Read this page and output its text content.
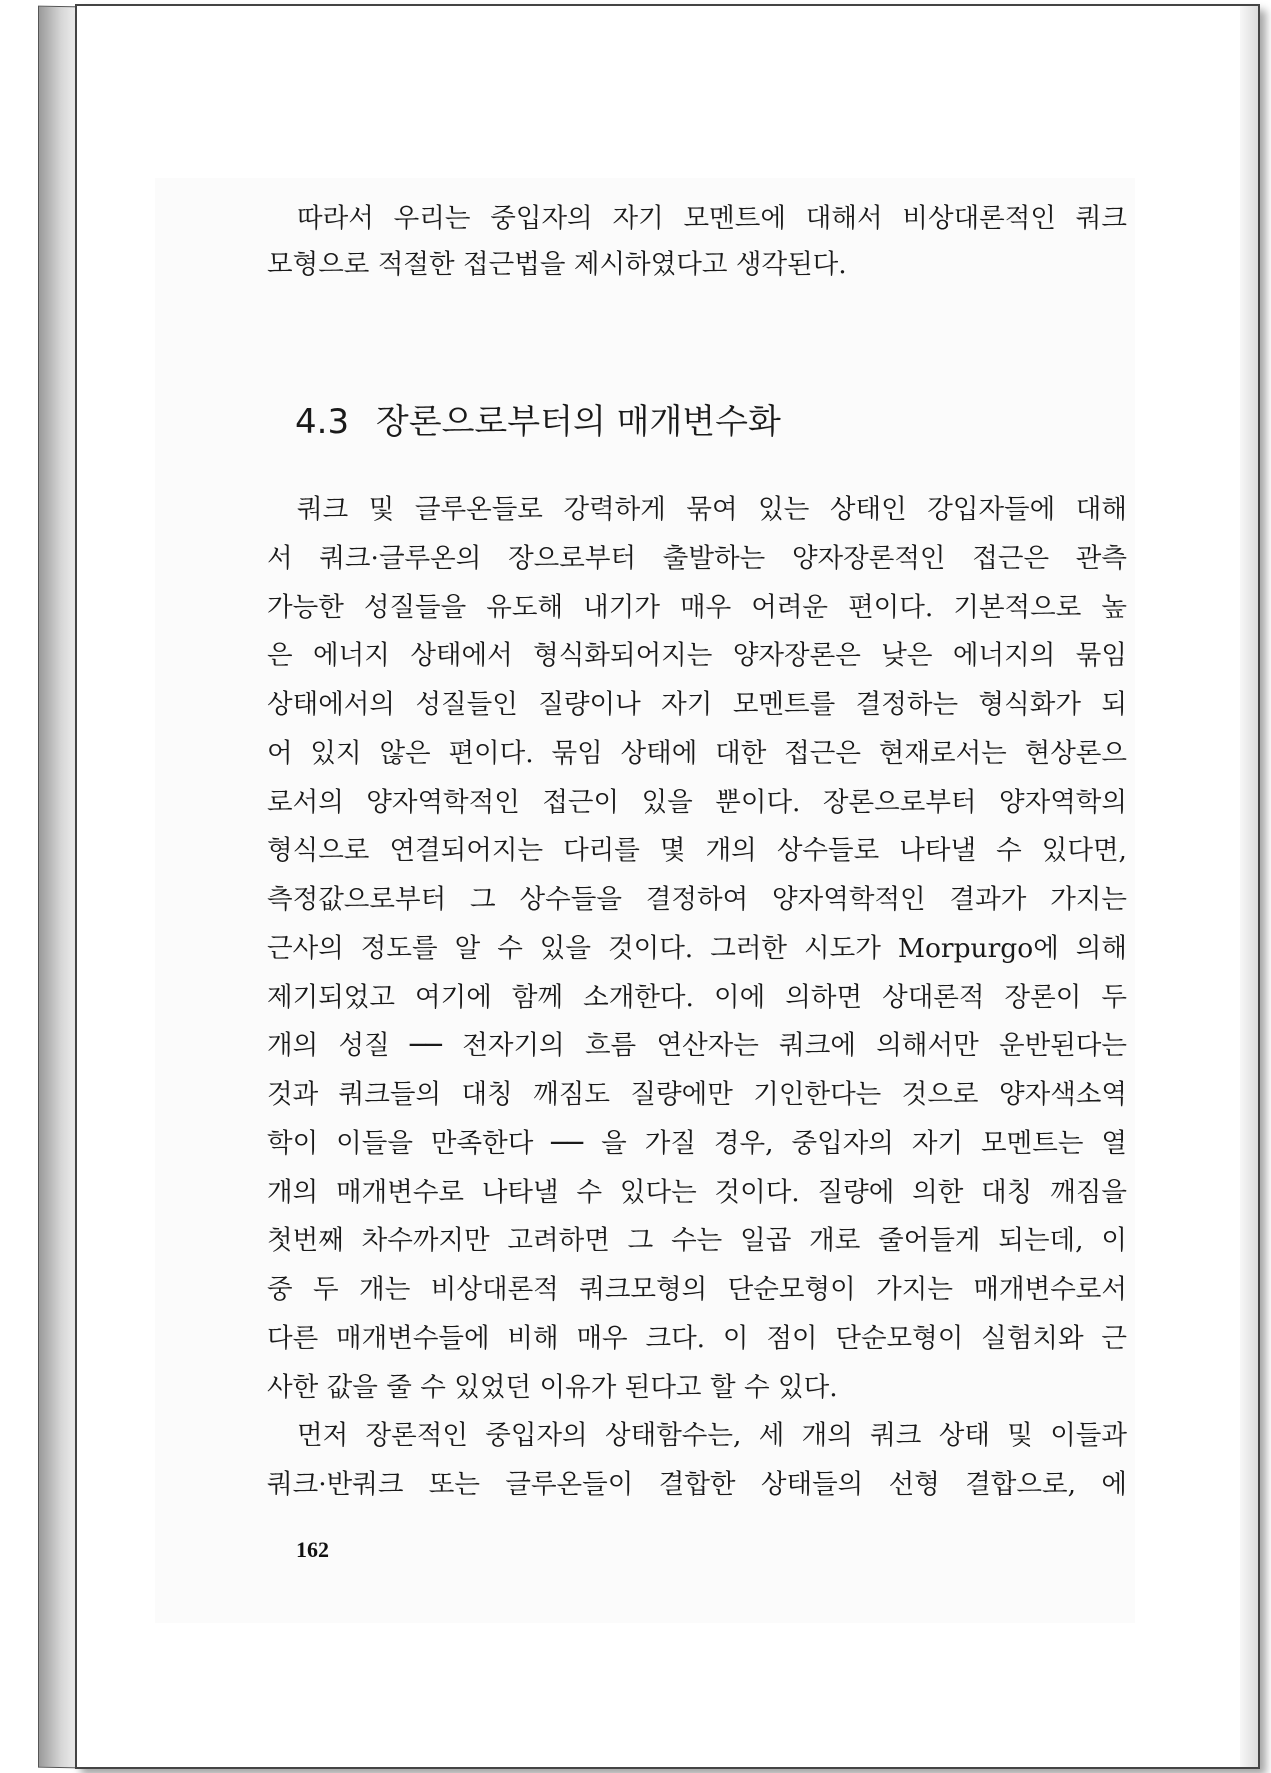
따라서 우리는 중입자의 자기 모멘트에 대해서 비상대론적인 쿼크
모형으로 적절한 접근법을 제시하였다고 생각된다.
4.3 장론으로부터의 매개변수화
쿼크 및 글루온들로 강력하게 묶여 있는 상태인 강입자들에 대해
서 쿼크·글루온의 장으로부터 출발하는 양자장론적인 접근은 관측
가능한 성질들을 유도해 내기가 매우 어려운 편이다. 기본적으로 높
은 에너지 상태에서 형식화되어지는 양자장론은 낮은 에너지의 묶임
상태에서의 성질들인 질량이나 자기 모멘트를 결정하는 형식화가 되
어 있지 않은 편이다. 묶임 상태에 대한 접근은 현재로서는 현상론으
로서의 양자역학적인 접근이 있을 뿐이다. 장론으로부터 양자역학의
형식으로 연결되어지는 다리를 몇 개의 상수들로 나타낼 수 있다면,
측정값으로부터 그 상수들을 결정하여 양자역학적인 결과가 가지는
근사의 정도를 알 수 있을 것이다. 그러한 시도가 Morpurgo에 의해
제기되었고 여기에 함께 소개한다. 이에 의하면 상대론적 장론이 두
개의 성질 ── 전자기의 흐름 연산자는 쿼크에 의해서만 운반된다는
것과 쿼크들의 대칭 깨짐도 질량에만 기인한다는 것으로 양자색소역
학이 이들을 만족한다 ── 을 가질 경우, 중입자의 자기 모멘트는 열
개의 매개변수로 나타낼 수 있다는 것이다. 질량에 의한 대칭 깨짐을
첫번째 차수까지만 고려하면 그 수는 일곱 개로 줄어들게 되는데, 이
중 두 개는 비상대론적 쿼크모형의 단순모형이 가지는 매개변수로서
다른 매개변수들에 비해 매우 크다. 이 점이 단순모형이 실험치와 근
사한 값을 줄 수 있었던 이유가 된다고 할 수 있다.
먼저 장론적인 중입자의 상태함수는, 세 개의 쿼크 상태 및 이들과
쿼크·반쿼크 또는 글루온들이 결합한 상태들의 선형 결합으로, 에
162
